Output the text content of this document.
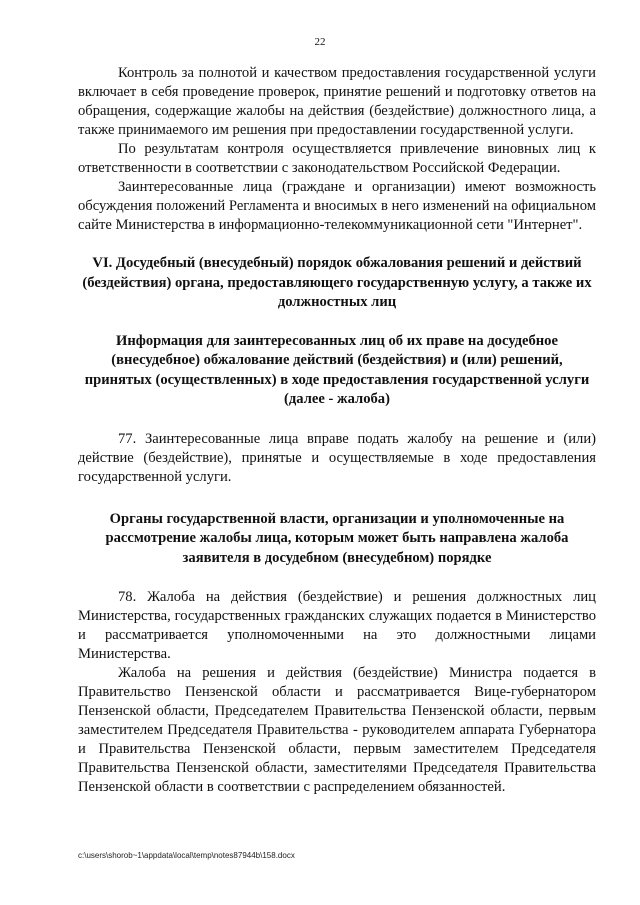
22

Контроль за полнотой и качеством предоставления государственной услуги включает в себя проведение проверок, принятие решений и подготовку ответов на обращения, содержащие жалобы на действия (бездействие) должностного лица, а также принимаемого им решения при предоставлении государственной услуги.

По результатам контроля осуществляется привлечение виновных лиц к ответственности в соответствии с законодательством Российской Федерации.

Заинтересованные лица (граждане и организации) имеют возможность обсуждения положений Регламента и вносимых в него изменений на официальном сайте Министерства в информационно-телекоммуникационной сети "Интернет".

VI. Досудебный (внесудебный) порядок обжалования решений и действий (бездействия) органа, предоставляющего государственную услугу, а также их должностных лиц

Информация для заинтересованных лиц об их праве на досудебное (внесудебное) обжалование действий (бездействия) и (или) решений, принятых (осуществленных) в ходе предоставления государственной услуги (далее - жалоба)

77. Заинтересованные лица вправе подать жалобу на решение и (или) действие (бездействие), принятые и осуществляемые в ходе предоставления государственной услуги.

Органы государственной власти, организации и уполномоченные на рассмотрение жалобы лица, которым может быть направлена жалоба заявителя в досудебном (внесудебном) порядке

78. Жалоба на действия (бездействие) и решения должностных лиц Министерства, государственных гражданских служащих подается в Министерство и рассматривается уполномоченными на это должностными лицами Министерства.

Жалоба на решения и действия (бездействие) Министра подается в Правительство Пензенской области и рассматривается Вице-губернатором Пензенской области, Председателем Правительства Пензенской области, первым заместителем Председателя Правительства - руководителем аппарата Губернатора и Правительства Пензенской области, первым заместителем Председателя Правительства Пензенской области, заместителями Председателя Правительства Пензенской области в соответствии с распределением обязанностей.

c:\users\shorob~1\appdata\local\temp\notes87944b\158.docx
